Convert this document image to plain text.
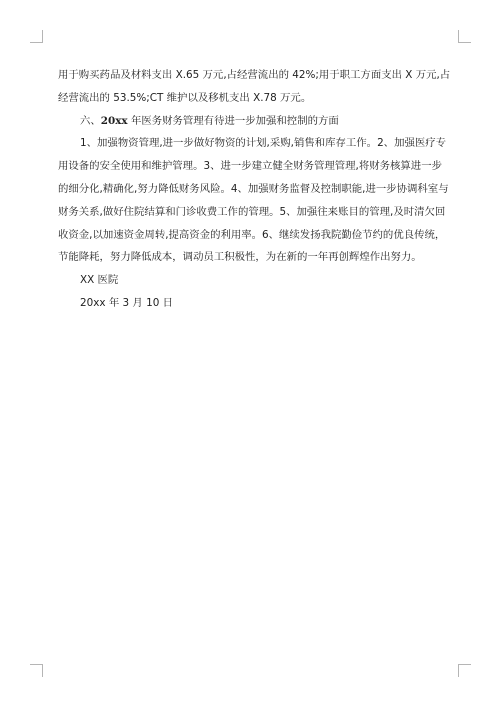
用于购买药品及材料支出 X.65 万元,占经营流出的 42%;用于职工方面支出 X 万元,占
经营流出的 53.5%;CT 维护以及移机支出 X.78 万元。

六、20xx 年医务财务管理有待进一步加强和控制的方面

1、加强物资管理,进一步做好物资的计划,采购,销售和库存工作。2、加强医疗专
用设备的安全使用和维护管理。3、进一步建立健全财务管理管理,将财务核算进一步
的细分化,精确化,努力降低财务风险。4、加强财务监督及控制职能,进一步协调科室与
财务关系,做好住院结算和门诊收费工作的管理。5、加强往来账目的管理,及时清欠回
收资金,以加速资金周转,提高资金的利用率。6、继续发扬我院勤俭节约的优良传统，
节能降耗，努力降低成本，调动员工积极性，为在新的一年再创辉煌作出努力。

XX 医院

20xx 年 3 月 10 日
